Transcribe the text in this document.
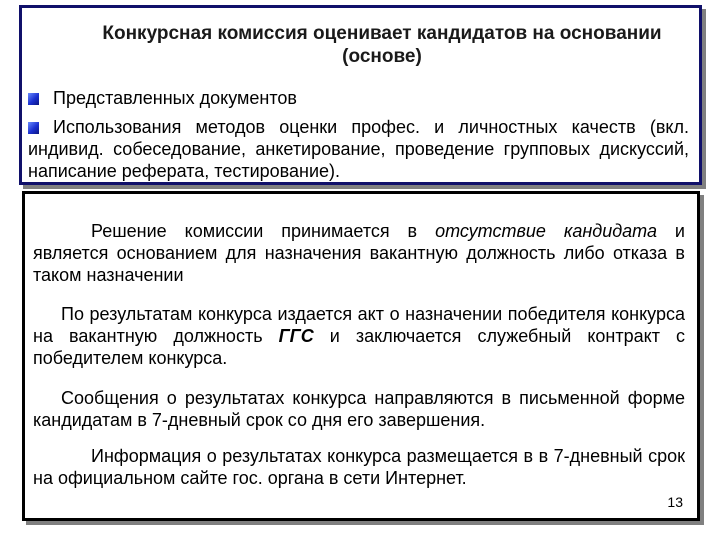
Конкурсная комиссия оценивает кандидатов на основании
(основе)
Представленных документов
Использования методов оценки профес. и личностных качеств (вкл. индивид. собеседование, анкетирование, проведение групповых дискуссий, написание реферата, тестирование).
Решение комиссии принимается в отсутствие кандидата и является основанием для назначения вакантную должность либо отказа в таком назначении
По результатам конкурса издается акт о назначении победителя конкурса на вакантную должность ГГС и заключается служебный контракт с победителем конкурса.
Сообщения о результатах конкурса направляются в письменной форме кандидатам в 7-дневный срок со дня его завершения.
Информация о результатах конкурса размещается в в 7-дневный срок на официальном сайте гос. органа в сети Интернет.
13
